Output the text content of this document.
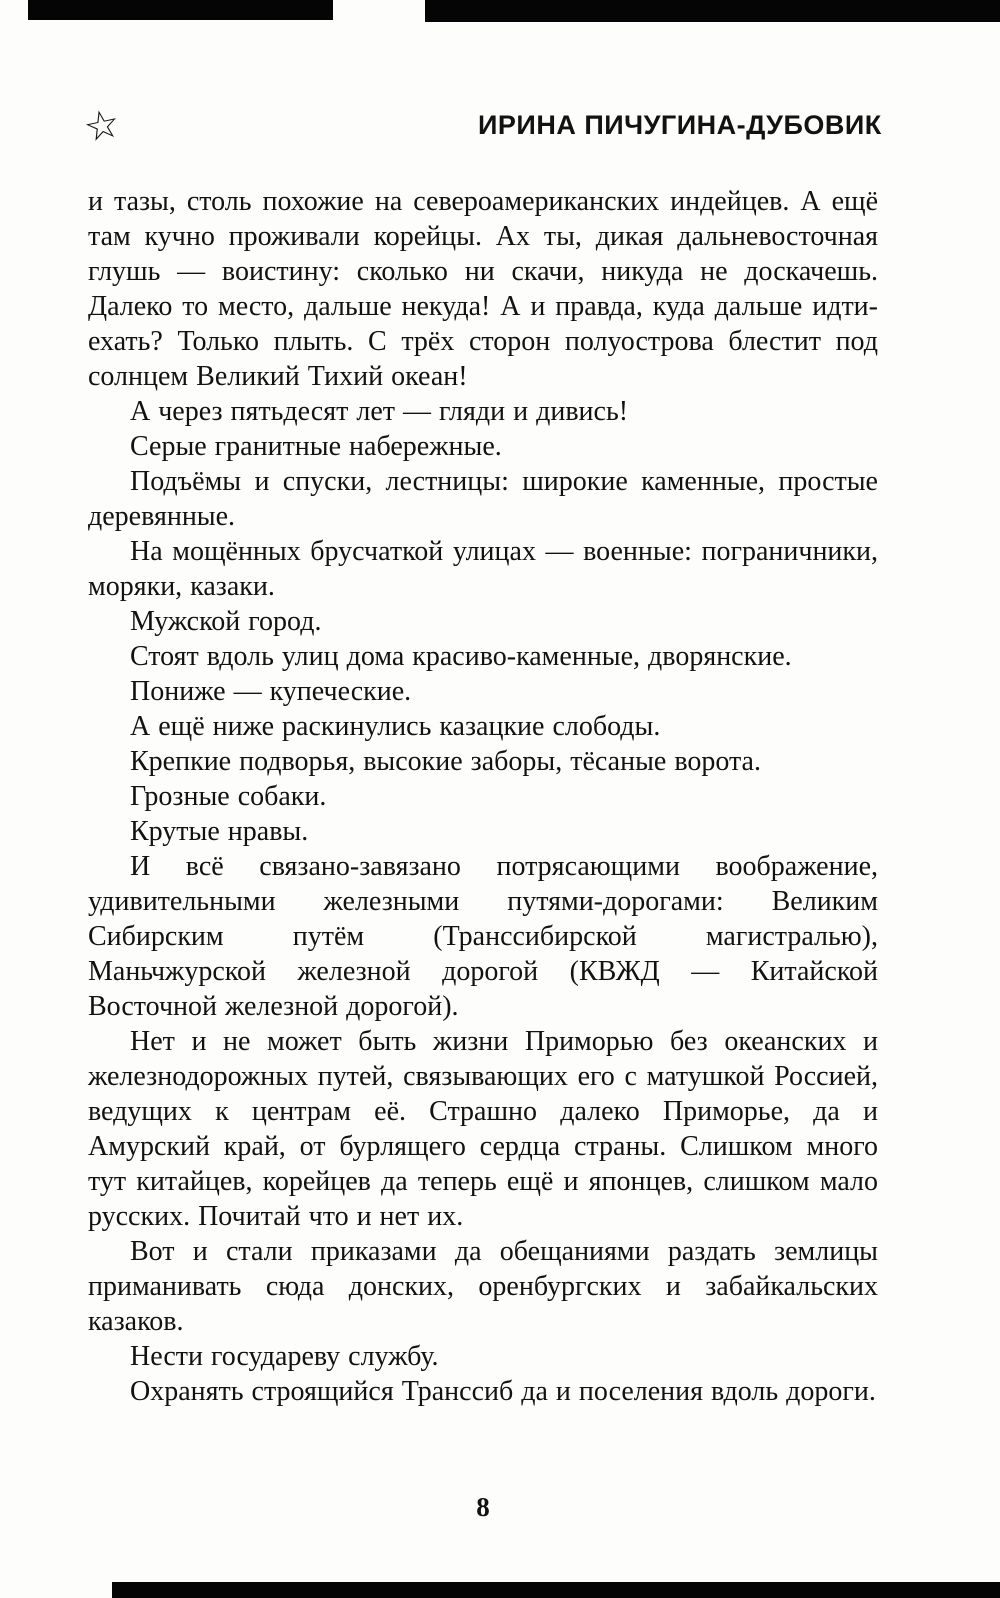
☆	ИРИНА ПИЧУГИНА-ДУБОВИК

и тазы, столь похожие на североамериканских индейцев. А ещё там кучно проживали корейцы. Ах ты, дикая дальневосточная глушь — воистину: сколько ни скачи, никуда не доскачешь. Далеко то место, дальше некуда! А и правда, куда дальше идти-ехать? Только плыть. С трёх сторон полуострова блестит под солнцем Великий Тихий океан!

А через пятьдесят лет — гляди и дивись!

Серые гранитные набережные.

Подъёмы и спуски, лестницы: широкие каменные, простые деревянные.

На мощённых брусчаткой улицах — военные: пограничники, моряки, казаки.

Мужской город.

Стоят вдоль улиц дома красиво-каменные, дворянские.

Пониже — купеческие.

А ещё ниже раскинулись казацкие слободы.

Крепкие подворья, высокие заборы, тёсаные ворота.

Грозные собаки.

Крутые нравы.

И всё связано-завязано потрясающими воображение, удивительными железными путями-дорогами: Великим Сибирским путём (Транссибирской магистралью), Маньчжурской железной дорогой (КВЖД — Китайской Восточной железной дорогой).

Нет и не может быть жизни Приморью без океанских и железнодорожных путей, связывающих его с матушкой Россией, ведущих к центрам её. Страшно далеко Приморье, да и Амурский край, от бурлящего сердца страны. Слишком много тут китайцев, корейцев да теперь ещё и японцев, слишком мало русских. Почитай что и нет их.

Вот и стали приказами да обещаниями раздать землицы приманивать сюда донских, оренбургских и забайкальских казаков.

Нести государеву службу.

Охранять строящийся Транссиб да и поселения вдоль дороги.

8
